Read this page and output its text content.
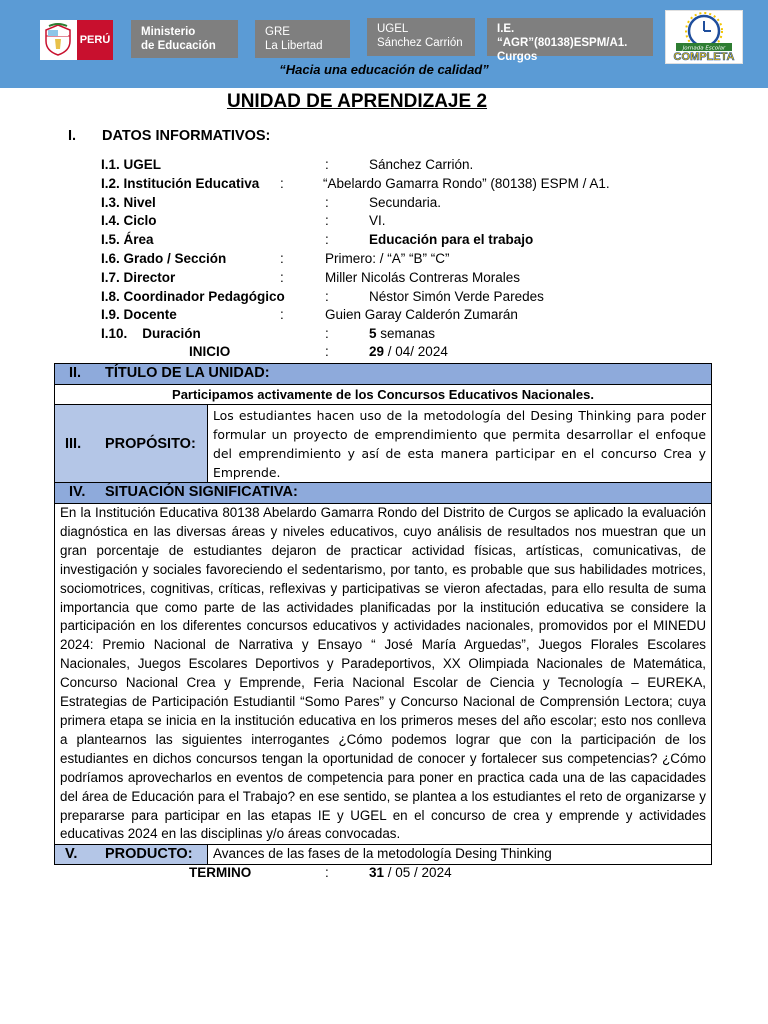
PERÚ
Ministerio
de Educación
GRE
La Libertad
UGEL
Sánchez Carrión
I.E. “AGR”(80138)ESPM/A1.
Curgos
Jornada Escolar
COMPLETA
“Hacia una educación de calidad”
UNIDAD DE APRENDIZAJE 2
I. DATOS INFORMATIVOS:
I.1. UGEL	:	Sánchez Carrión.
I.2. Institución Educativa :	“Abelardo Gamarra Rondo” (80138) ESPM / A1.
I.3. Nivel	:	Secundaria.
I.4. Ciclo	:	VI.
I.5. Área	:	Educación para el trabajo
I.6. Grado / Sección	:	Primero: / “A” “B” “C”
I.7. Director	:	Miller Nicolás Contreras Morales
I.8. Coordinador Pedagógico	:	Néstor Simón Verde Paredes
I.9. Docente	:	Guien Garay Calderón Zumarán
I.10.    Duración	:	5 semanas
INICIO	:	29 / 04/ 2024
II. TÍTULO DE LA UNIDAD:	
Participamos activamente de los Concursos Educativos Nacionales.	
III. PROPÓSITO:	Los estudiantes hacen uso de la metodología del Desing Thinking para poder formular un proyecto de emprendimiento que permita desarrollar el enfoque del emprendimiento y así de esta manera participar en el concurso Crea y Emprende.
IV. SITUACIÓN SIGNIFICATIVA:	
En la Institución Educativa 80138 Abelardo Gamarra Rondo del Distrito de Curgos se aplicado la evaluación diagnóstica en las diversas áreas y niveles educativos, cuyo análisis de resultados nos muestran que un gran porcentaje de estudiantes dejaron de practicar actividad físicas, artísticas, comunicativas, de investigación y sociales favoreciendo el sedentarismo, por tanto, es probable que sus habilidades motrices, sociomotrices, cognitivas, críticas, reflexivas y participativas se vieron afectadas, para ello resulta de suma importancia que como parte de las actividades planificadas por la institución educativa se considere la participación en los diferentes concursos educativos y actividades nacionales, promovidos por el MINEDU 2024: Premio Nacional de Narrativa y Ensayo “ José María Arguedas”, Juegos Florales Escolares Nacionales, Juegos Escolares Deportivos y Paradeportivos, XX Olimpiada Nacionales de Matemática, Concurso Nacional Crea y Emprende, Feria Nacional Escolar de Ciencia y Tecnología – EUREKA, Estrategias de Participación Estudiantil “Somo Pares” y Concurso Nacional de Comprensión Lectora; cuya primera etapa se inicia en la institución educativa en los primeros meses del año escolar; esto nos conlleva a plantearnos las siguientes interrogantes ¿Cómo podemos lograr que con la participación de los estudiantes en dichos concursos tengan la oportunidad de conocer y fortalecer sus competencias? ¿Cómo podríamos aprovecharlos en eventos de competencia para poner en practica cada una de las capacidades del área de Educación para el Trabajo? en ese sentido, se plantea a los estudiantes el reto de organizarse y prepararse para participar en las etapas IE y UGEL en el concurso de crea y emprende y actividades educativas 2024 en las disciplinas y/o áreas convocadas.	
V. PRODUCTO:	Avances de las fases de la metodología Desing Thinking
TERMINO	:	31 / 05 / 2024
